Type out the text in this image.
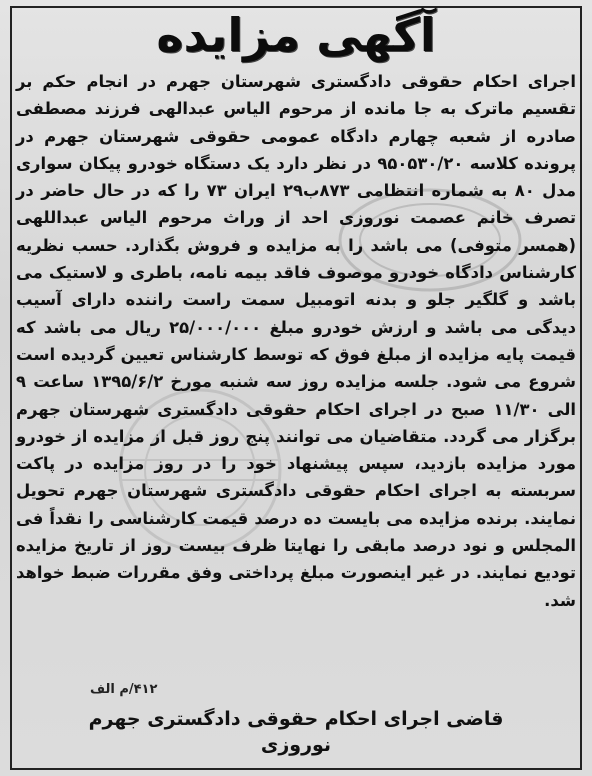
آگهی مزایده
اجرای احکام حقوقی دادگستری شهرستان جهرم در انجام حکم بر تقسیم ماترک به جا مانده از مرحوم الیاس عبدالهی فرزند مصطفی صادره از شعبه چهارم دادگاه عمومی حقوقی شهرستان جهرم در پرونده کلاسه ۹۵۰۵۳۰/۲۰ در نظر دارد یک دستگاه خودرو پیکان سواری مدل ۸۰ به شماره انتظامی ۸۷۳ب۲۹ ایران ۷۳ را که در حال حاضر در تصرف خانم عصمت نوروزی احد از وراث مرحوم الیاس عبداللهی (همسر متوفی) می باشد را به مزایده و فروش بگذارد. حسب نظریه کارشناس دادگاه خودرو موصوف فاقد بیمه نامه، باطری و لاستیک می باشد و گلگیر جلو و بدنه اتومبیل سمت راست راننده دارای آسیب دیدگی می باشد و ارزش خودرو مبلغ ۲۵/۰۰۰/۰۰۰ ریال می باشد که قیمت پایه مزایده از مبلغ فوق که توسط کارشناس تعیین گردیده است شروع می شود. جلسه مزایده روز سه شنبه مورخ ۱۳۹۵/۶/۲ ساعت ۹ الی ۱۱/۳۰ صبح در اجرای احکام حقوقی دادگستری شهرستان جهرم برگزار می گردد. متقاضیان می توانند پنج روز قبل از مزایده از خودرو مورد مزایده بازدید، سپس پیشنهاد خود را در روز مزایده در پاکت سربسته به اجرای احکام حقوقی دادگستری شهرستان جهرم تحویل نمایند. برنده مزایده می بایست ده درصد قیمت کارشناسی را نقداً فی المجلس و نود درصد مابقی را نهایتا ظرف بیست روز از تاریخ مزایده تودیع نمایند. در غیر اینصورت مبلغ پرداختی وفق مقررات ضبط خواهد شد.
۴۱۲/م الف
قاضی اجرای احکام حقوقی دادگستری جهرم
نوروزی
